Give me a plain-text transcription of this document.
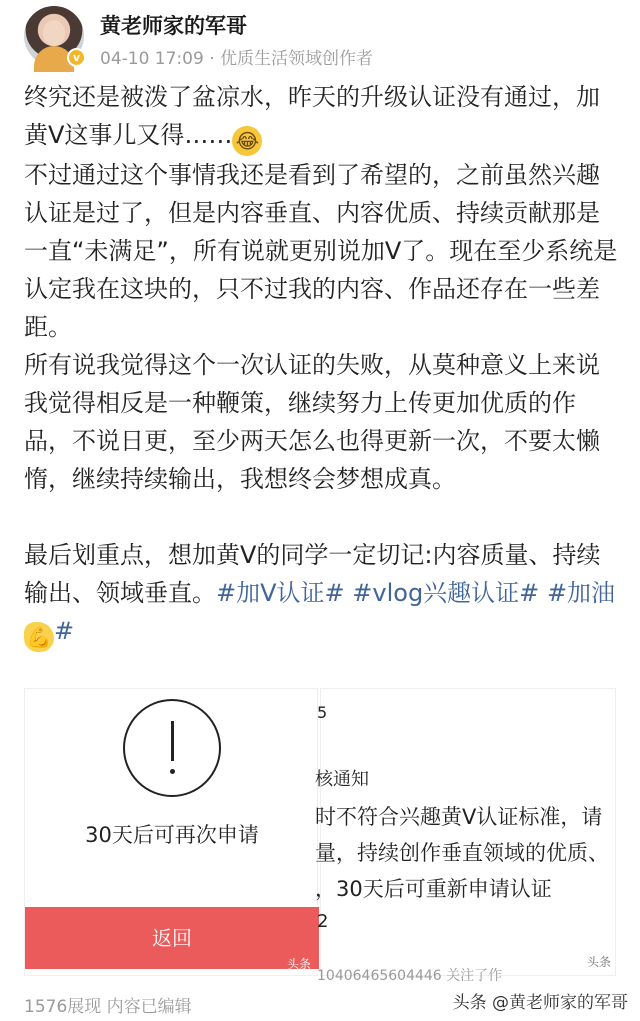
v
黄老师家的军哥
04-10 17:09 · 优质生活领域创作者

终究还是被泼了盆凉水，昨天的升级认证没有通过，加黄V这事儿又得…… 😂

不过通过这个事情我还是看到了希望的，之前虽然兴趣认证是过了，但是内容垂直、内容优质、持续贡献那是一直“未满足”，所有说就更别说加V了。现在至少系统是认定我在这块的，只不过我的内容、作品还存在一些差距。

所有说我觉得这个一次认证的失败，从莫种意义上来说我觉得相反是一种鞭策，继续努力上传更加优质的作品，不说日更，至少两天怎么也得更新一次，不要太懒惰，继续持续输出，我想终会梦想成真。

最后划重点，想加黄V的同学一定切记:内容质量、持续输出、领域垂直。#加V认证# #vlog兴趣认证# #加油💪 #

30天后可再次申请
返回
头条
5
核通知
时不符合兴趣黄V认证标准，请
量，持续创作垂直领域的优质、
，30天后可重新申请认证
2
10406465604446 关注了作
头条
1576展现 内容已编辑	头条 @黄老师家的军哥
